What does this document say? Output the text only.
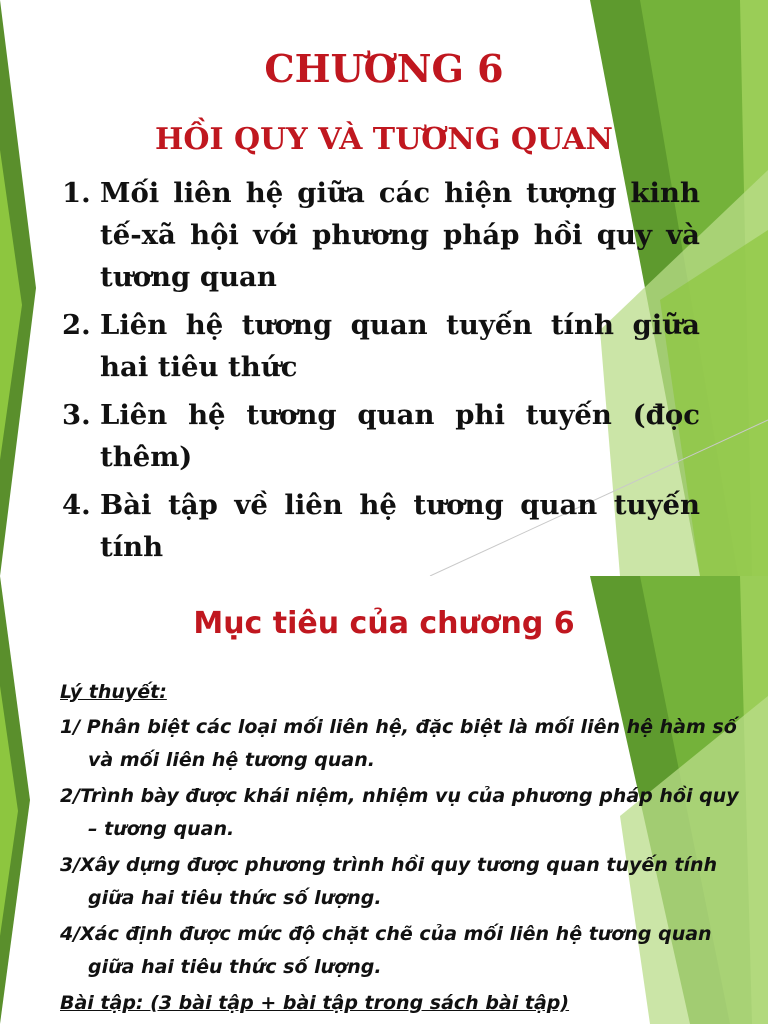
CHƯƠNG 6
HỒI QUY VÀ TƯƠNG QUAN
1. Mối liên hệ giữa các hiện tượng kinh tế-xã hội với phương pháp hồi quy và tương quan
2. Liên hệ tương quan tuyến tính giữa hai tiêu thức
3. Liên hệ tương quan phi tuyến (đọc thêm)
4. Bài tập về liên hệ tương quan tuyến tính
Mục tiêu của chương 6

Lý thuyết:

1/ Phân biệt các loại mối liên hệ, đặc biệt là mối liên hệ hàm số và mối liên hệ tương quan.

2/Trình bày được khái niệm, nhiệm vụ của phương pháp hồi quy – tương quan.

3/Xây dựng được phương trình hồi quy tương quan tuyến tính giữa hai tiêu thức số lượng.

4/Xác định được mức độ chặt chẽ của mối liên hệ tương quan giữa hai tiêu thức số lượng.

Bài tập: (3 bài tập + bài tập trong sách bài tập)
